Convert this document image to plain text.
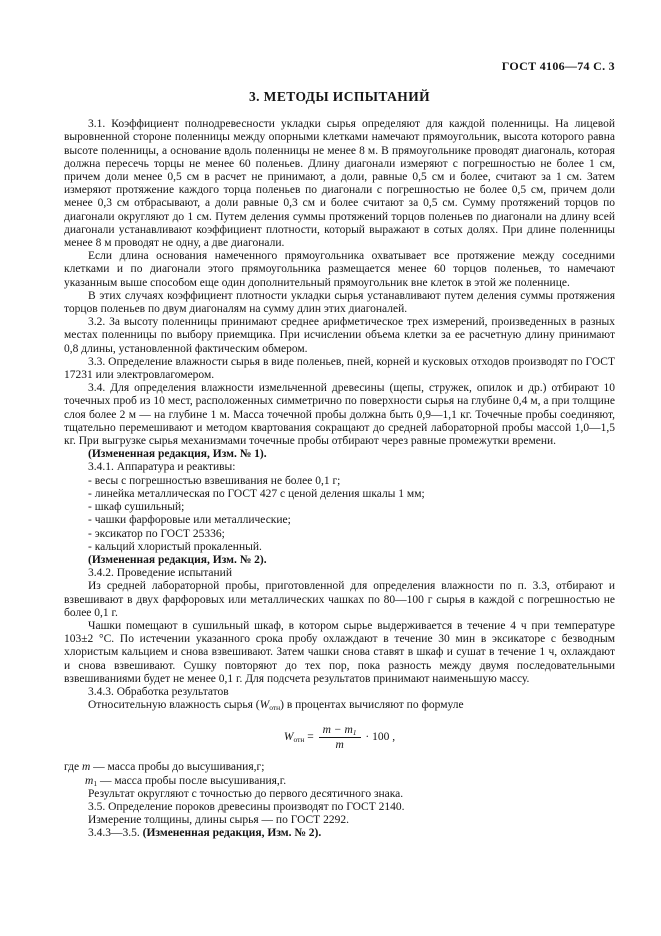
ГОСТ 4106—74 С. 3

3. МЕТОДЫ ИСПЫТАНИЙ

3.1. Коэффициент полнодревесности укладки сырья определяют для каждой поленницы. На лицевой выровненной стороне поленницы между опорными клетками намечают прямоугольник, высота которого равна высоте поленницы, а основание вдоль поленницы не менее 8 м. В прямоугольнике проводят диагональ, которая должна пересечь торцы не менее 60 поленьев. Длину диагонали измеряют с погрешностью не более 1 см, причем доли менее 0,5 см в расчет не принимают, а доли, равные 0,5 см и более, считают за 1 см. Затем измеряют протяжение каждого торца поленьев по диагонали с погрешностью не более 0,5 см, причем доли менее 0,3 см отбрасывают, а доли равные 0,3 см и более считают за 0,5 см. Сумму протяжений торцов по диагонали округляют до 1 см. Путем деления суммы протяжений торцов поленьев по диагонали на длину всей диагонали устанавливают коэффициент плотности, который выражают в сотых долях. При длине поленницы менее 8 м проводят не одну, а две диагонали.

Если длина основания намеченного прямоугольника охватывает все протяжение между соседними клетками и по диагонали этого прямоугольника размещается менее 60 торцов поленьев, то намечают указанным выше способом еще один дополнительный прямоугольник вне клеток в этой же поленнице.

В этих случаях коэффициент плотности укладки сырья устанавливают путем деления суммы протяжения торцов поленьев по двум диагоналям на сумму длин этих диагоналей.

3.2. За высоту поленницы принимают среднее арифметическое трех измерений, произведенных в разных местах поленницы по выбору приемщика. При исчислении объема клетки за ее расчетную длину принимают 0,8 длины, установленной фактическим обмером.

3.3. Определение влажности сырья в виде поленьев, пней, корней и кусковых отходов производят по ГОСТ 17231 или электровлагомером.

3.4. Для определения влажности измельченной древесины (щепы, стружек, опилок и др.) отбирают 10 точечных проб из 10 мест, расположенных симметрично по поверхности сырья на глубине 0,4 м, а при толщине слоя более 2 м — на глубине 1 м. Масса точечной пробы должна быть 0,9—1,1 кг. Точечные пробы соединяют, тщательно перемешивают и методом квартования сокращают до средней лабораторной пробы массой 1,0—1,5 кг. При выгрузке сырья механизмами точечные пробы отбирают через равные промежутки времени.

(Измененная редакция, Изм. № 1).

3.4.1. Аппаратура и реактивы:

- весы с погрешностью взвешивания не более 0,1 г;

- линейка металлическая по ГОСТ 427 с ценой деления шкалы 1 мм;

- шкаф сушильный;

- чашки фарфоровые или металлические;

- эксикатор по ГОСТ 25336;

- кальций хлористый прокаленный.

(Измененная редакция, Изм. № 2).

3.4.2. Проведение испытаний

Из средней лабораторной пробы, приготовленной для определения влажности по п. 3.3, отбирают и взвешивают в двух фарфоровых или металлических чашках по 80—100 г сырья в каждой с погрешностью не более 0,1 г.

Чашки помещают в сушильный шкаф, в котором сырье выдерживается в течение 4 ч при температуре 103±2 °С. По истечении указанного срока пробу охлаждают в течение 30 мин в эксикаторе с безводным хлористым кальцием и снова взвешивают. Затем чашки снова ставят в шкаф и сушат в течение 1 ч, охлаждают и снова взвешивают. Сушку повторяют до тех пор, пока разность между двумя последовательными взвешиваниями будет не менее 0,1 г. Для подсчета результатов принимают наименьшую массу.

3.4.3. Обработка результатов

Относительную влажность сырья $(W_{отн})$ в процентах вычисляют по формуле

$W_{отн} = \frac{m - m_1}{m} \cdot 100$ ,

где m — масса пробы до высушивания,г;

$m_1$ — масса пробы после высушивания,г.

Результат округляют с точностью до первого десятичного знака.

3.5. Определение пороков древесины производят по ГОСТ 2140.

Измерение толщины, длины сырья — по ГОСТ 2292.

3.4.3—3.5. (Измененная редакция, Изм. № 2).
